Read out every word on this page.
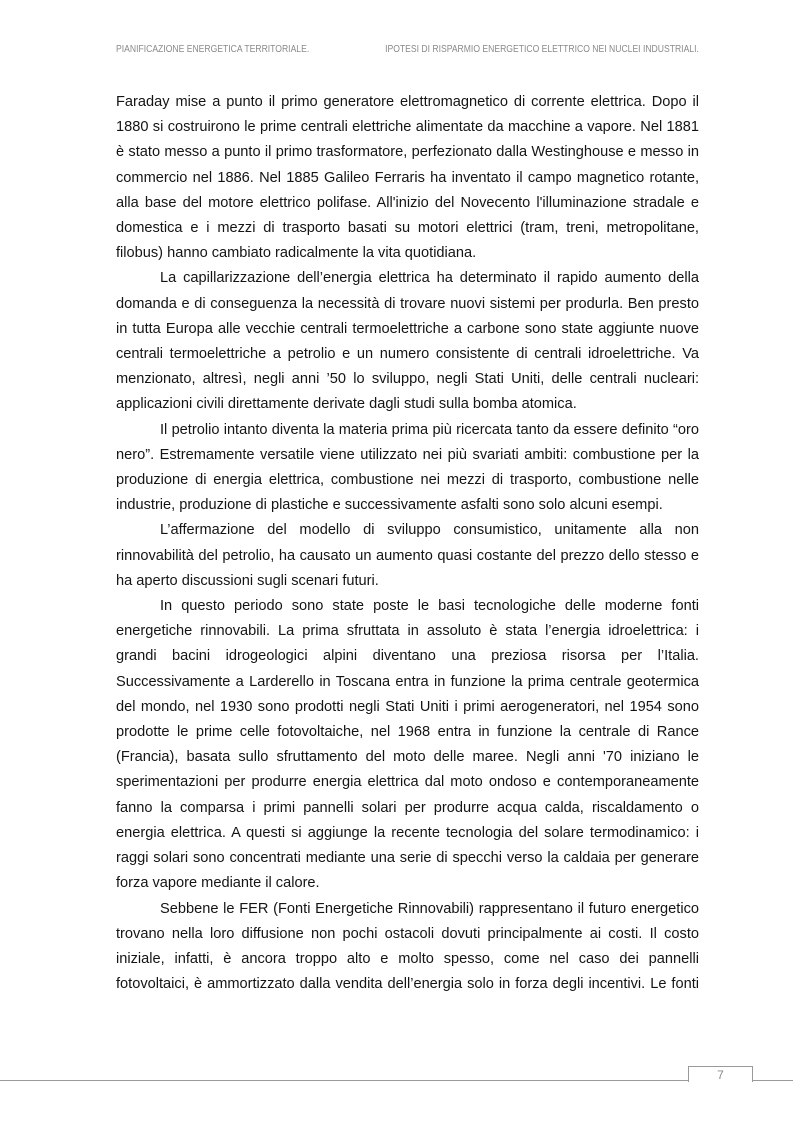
PIANIFICAZIONE ENERGETICA TERRITORIALE.	IPOTESI DI RISPARMIO ENERGETICO ELETTRICO NEI NUCLEI INDUSTRIALI.

Faraday mise a punto il primo generatore elettromagnetico di corrente elettrica. Dopo il 1880 si costruirono le prime centrali elettriche alimentate da macchine a vapore. Nel 1881 è stato messo a punto il primo trasformatore, perfezionato dalla Westinghouse e messo in commercio nel 1886. Nel 1885 Galileo Ferraris ha inventato il campo magnetico rotante, alla base del motore elettrico polifase. All'inizio del Novecento l'illuminazione stradale e domestica e i mezzi di trasporto basati su motori elettrici (tram, treni, metropolitane, filobus) hanno cambiato radicalmente la vita quotidiana.

La capillarizzazione dell’energia elettrica ha determinato il rapido aumento della domanda e di conseguenza la necessità di trovare nuovi sistemi per produrla. Ben presto in tutta Europa alle vecchie centrali termoelettriche a carbone sono state aggiunte nuove centrali termoelettriche a petrolio e un numero consistente di centrali idroelettriche. Va menzionato, altresì, negli anni ’50 lo sviluppo, negli Stati Uniti, delle centrali nucleari: applicazioni civili direttamente derivate dagli studi sulla bomba atomica.

Il petrolio intanto diventa la materia prima più ricercata tanto da essere definito “oro nero”. Estremamente versatile viene utilizzato nei più svariati ambiti: combustione per la produzione di energia elettrica, combustione nei mezzi di trasporto, combustione nelle industrie, produzione di plastiche e successivamente asfalti sono solo alcuni esempi.

L’affermazione del modello di sviluppo consumistico, unitamente alla non rinnovabilità del petrolio, ha causato un aumento quasi costante del prezzo dello stesso e ha aperto discussioni sugli scenari futuri.

In questo periodo sono state poste le basi tecnologiche delle moderne fonti energetiche rinnovabili. La prima sfruttata in assoluto è stata l’energia idroelettrica: i grandi bacini idrogeologici alpini diventano una preziosa risorsa per l’Italia. Successivamente a Larderello in Toscana entra in funzione la prima centrale geotermica del mondo, nel 1930 sono prodotti negli Stati Uniti i primi aerogeneratori, nel 1954 sono prodotte le prime celle fotovoltaiche, nel 1968 entra in funzione la centrale di Rance (Francia), basata sullo sfruttamento del moto delle maree. Negli anni '70 iniziano le sperimentazioni per produrre energia elettrica dal moto ondoso e contemporaneamente fanno la comparsa i primi pannelli solari per produrre acqua calda, riscaldamento o energia elettrica. A questi si aggiunge la recente tecnologia del solare termodinamico: i raggi solari sono concentrati mediante una serie di specchi verso la caldaia per generare forza vapore mediante il calore.

Sebbene le FER (Fonti Energetiche Rinnovabili) rappresentano il futuro energetico trovano nella loro diffusione non pochi ostacoli dovuti principalmente ai costi. Il costo iniziale, infatti, è ancora troppo alto e molto spesso, come nel caso dei pannelli fotovoltaici, è ammortizzato dalla vendita dell’energia solo in forza degli incentivi. Le fonti

7
